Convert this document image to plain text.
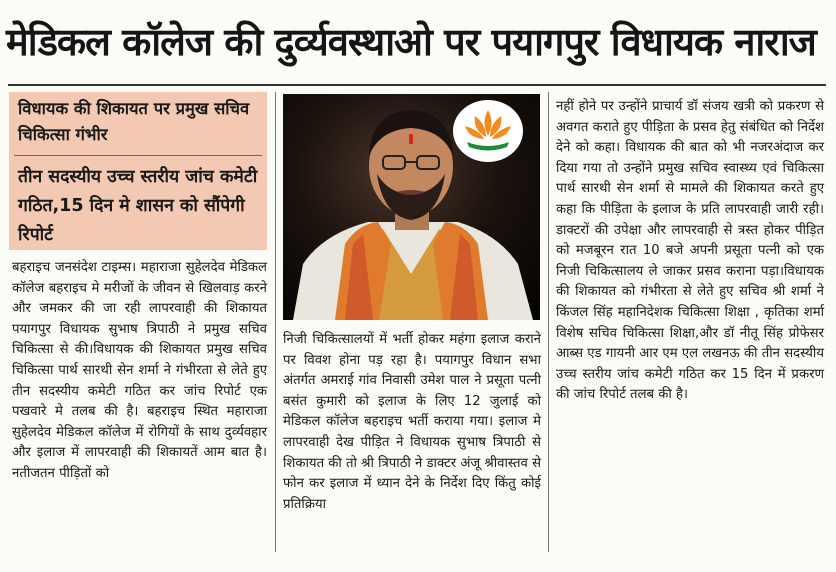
मेडिकल कॉलेज की दुर्व्यवस्थाओ पर पयागपुर विधायक नाराज
विधायक की शिकायत पर प्रमुख सचिव चिकित्सा गंभीर
तीन सदस्यीय उच्च स्तरीय जांच कमेटी गठित,15 दिन मे शासन को सौंपेगी रिपोर्ट
बहराइच जनसंदेश टाइम्स। महाराजा सुहेलदेव मेडिकल कॉलेज बहराइच मे मरीजों के जीवन से खिलवाड़ करने और जमकर की जा रही लापरवाही की शिकायत पयागपुर विधायक सुभाष त्रिपाठी ने प्रमुख सचिव चिकित्सा से की।विधायक की शिकायत प्रमुख सचिव चिकित्सा पार्थ सारथी सेन शर्मा ने गंभीरता से लेते हुए तीन सदस्यीय कमेटी गठित कर जांच रिपोर्ट एक पखवारे मे तलब की है। बहराइच स्थित महाराजा सुहेलदेव मेडिकल कॉलेज में रोगियों के साथ दुर्व्यवहार और इलाज में लापरवाही की शिकायतें आम बात है।नतीजतन पीड़ितों को
निजी चिकित्सालयों में भर्ती होकर महंगा इलाज कराने पर विवश होना पड़ रहा है। पयागपुर विधान सभा अंतर्गत अमराई गांव निवासी उमेश पाल ने प्रसूता पत्नी बसंत कुमारी को इलाज के लिए 12 जुलाई को मेडिकल कॉलेज बहराइच भर्ती कराया गया। इलाज मे लापरवाही देख पीड़ित ने विधायक सुभाष त्रिपाठी से शिकायत की तो श्री त्रिपाठी ने डाक्टर अंजू श्रीवास्तव से फोन कर इलाज में ध्यान देने के निर्देश दिए किंतु कोई प्रतिक्रिया
नहीं होने पर उन्होंने प्राचार्य डॉ संजय खत्री को प्रकरण से अवगत कराते हुए पीड़िता के प्रसव हेतु संबंधित को निर्देश देने को कहा। विधायक की बात को भी नजरअंदाज कर दिया गया तो उन्होंने प्रमुख सचिव स्वास्थ्य एवं चिकित्सा पार्थ सारथी सेन शर्मा से मामले की शिकायत करते हुए कहा कि पीड़िता के इलाज के प्रति लापरवाही जारी रही।डाक्टरों की उपेक्षा और लापरवाही से त्रस्त होकर पीड़ित को मजबूरन रात 10 बजे अपनी प्रसूता पत्नी को एक निजी चिकित्सालय ले जाकर प्रसव कराना पड़ा।विधायक की शिकायत को गंभीरता से लेते हुए सचिव श्री शर्मा ने किंजल सिंह महानिदेशक चिकित्सा शिक्षा , कृतिका शर्मा विशेष सचिव चिकित्सा शिक्षा,और डॉ नीतू सिंह प्रोफेसर आब्स एड गायनी आर एम एल लखनऊ की तीन सदस्यीय उच्च स्तरीय जांच कमेटी गठित कर 15 दिन में प्रकरण की जांच रिपोर्ट तलब की है।
